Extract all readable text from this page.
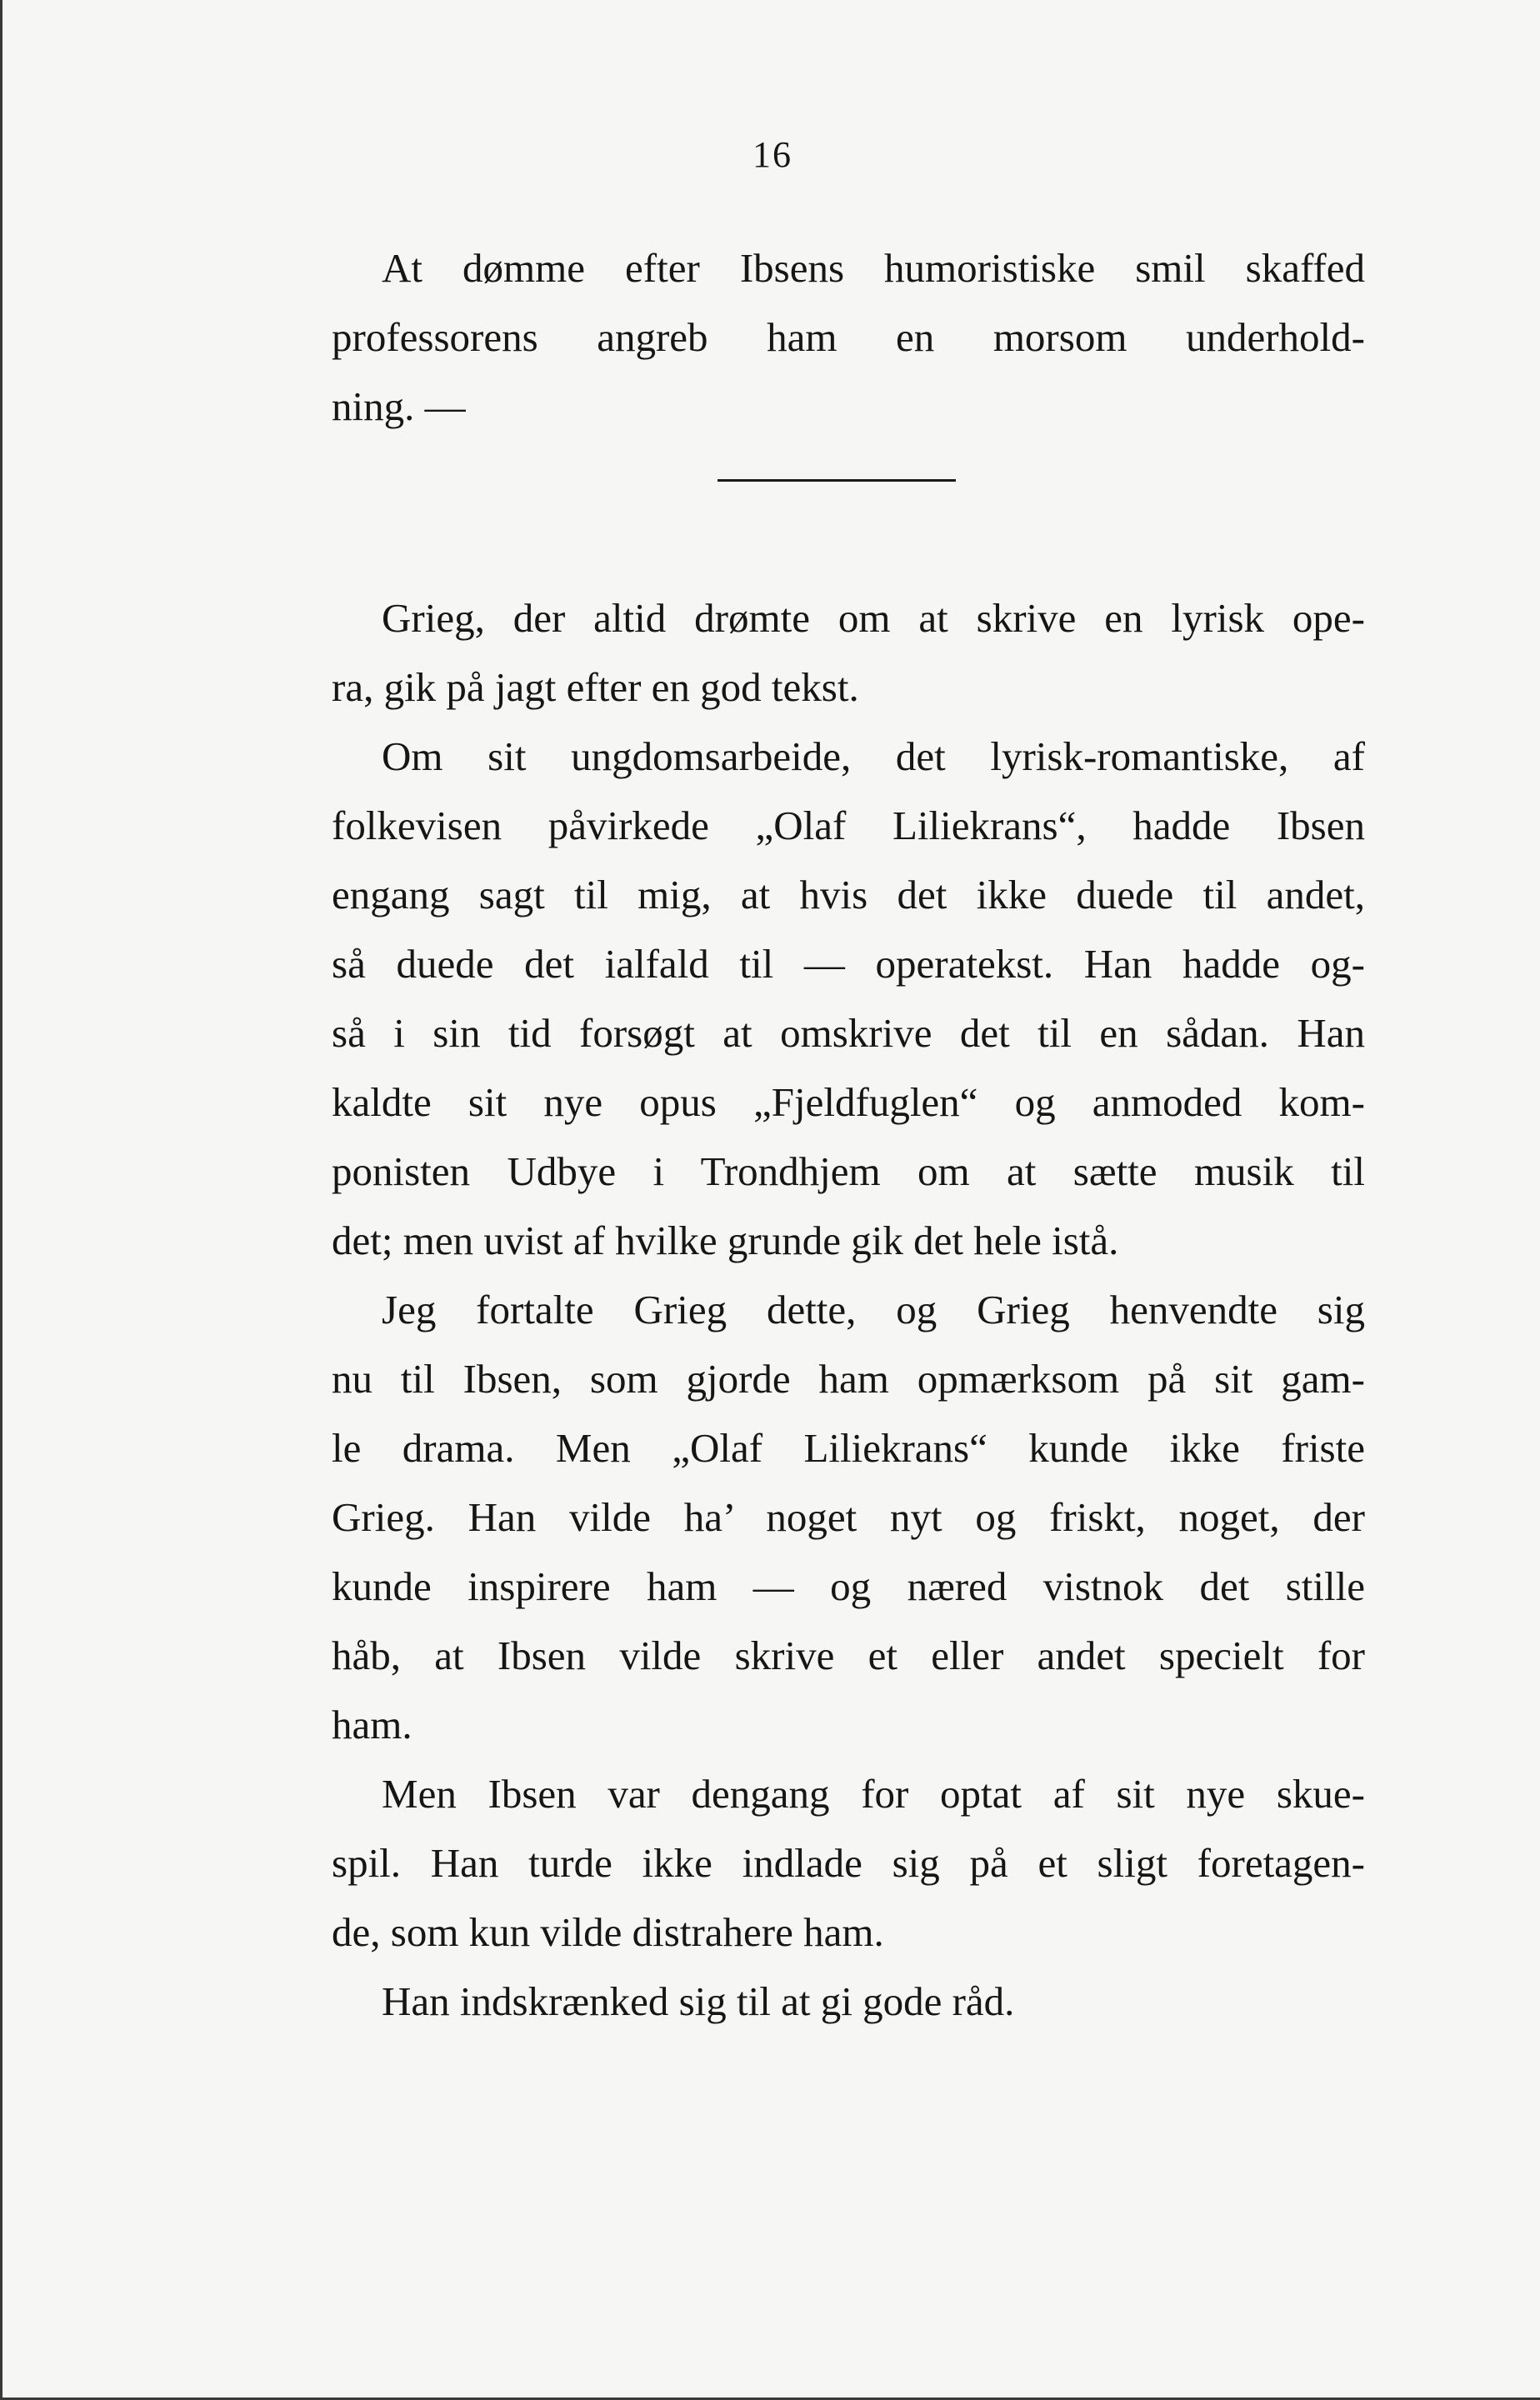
16
At dømme efter Ibsens humoristiske smil skaffed
professorens angreb ham en morsom underhold-
ning. —
Grieg, der altid drømte om at skrive en lyrisk ope-
ra, gik på jagt efter en god tekst.
Om sit ungdomsarbeide, det lyrisk-romantiske, af
folkevisen påvirkede „Olaf Liliekrans“, hadde Ibsen
engang sagt til mig, at hvis det ikke duede til andet,
så duede det ialfald til — operatekst. Han hadde og-
så i sin tid forsøgt at omskrive det til en sådan. Han
kaldte sit nye opus „Fjeldfuglen“ og anmoded kom-
ponisten Udbye i Trondhjem om at sætte musik til
det; men uvist af hvilke grunde gik det hele istå.
Jeg fortalte Grieg dette, og Grieg henvendte sig
nu til Ibsen, som gjorde ham opmærksom på sit gam-
le drama. Men „Olaf Liliekrans“ kunde ikke friste
Grieg. Han vilde ha’ noget nyt og friskt, noget, der
kunde inspirere ham — og næred vistnok det stille
håb, at Ibsen vilde skrive et eller andet specielt for
ham.
Men Ibsen var dengang for optat af sit nye skue-
spil. Han turde ikke indlade sig på et sligt foretagen-
de, som kun vilde distrahere ham.
Han indskrænked sig til at gi gode råd.
